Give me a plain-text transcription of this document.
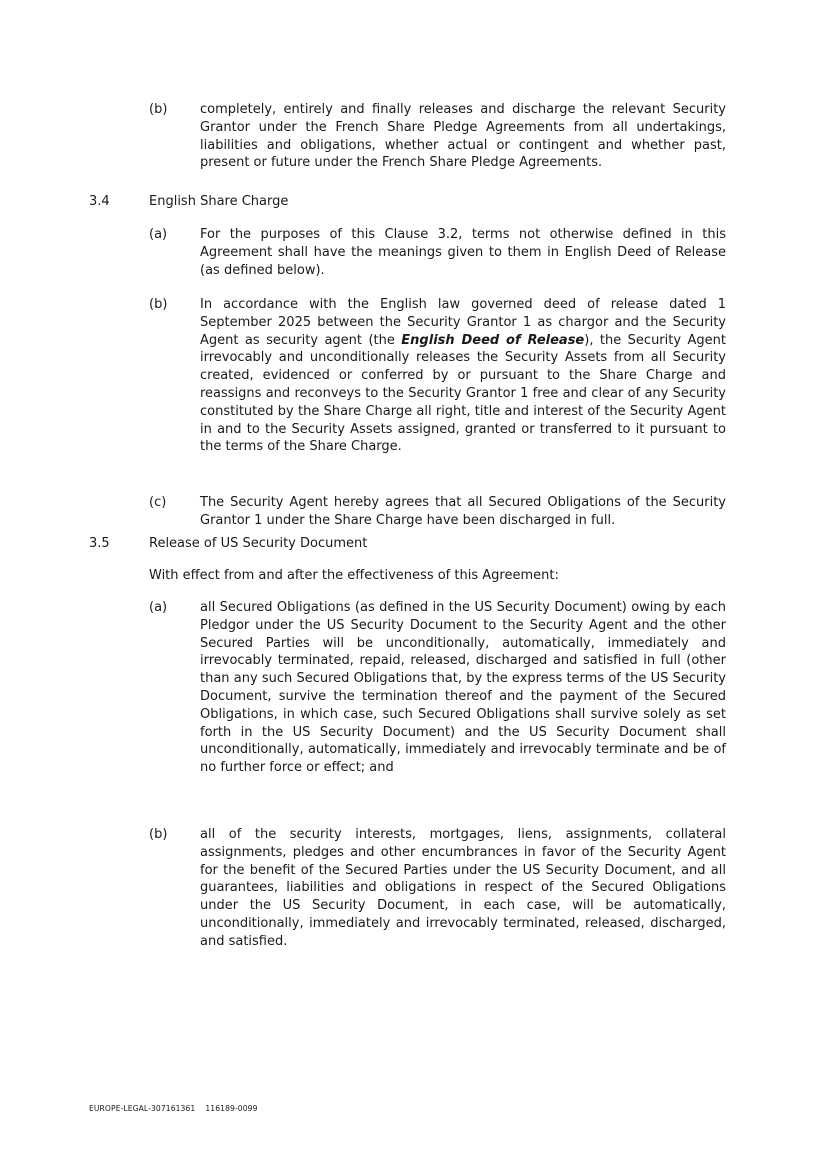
(b)	completely, entirely and finally releases and discharge the relevant Security Grantor under the French Share Pledge Agreements from all undertakings, liabilities and obligations, whether actual or contingent and whether past, present or future under the French Share Pledge Agreements.
3.4	English Share Charge
(a)	For the purposes of this Clause 3.2, terms not otherwise defined in this Agreement shall have the meanings given to them in English Deed of Release (as defined below).
(b)	In accordance with the English law governed deed of release dated 1 September 2025 between the Security Grantor 1 as chargor and the Security Agent as security agent (the English Deed of Release), the Security Agent irrevocably and unconditionally releases the Security Assets from all Security created, evidenced or conferred by or pursuant to the Share Charge and reassigns and reconveys to the Security Grantor 1 free and clear of any Security constituted by the Share Charge all right, title and interest of the Security Agent in and to the Security Assets assigned, granted or transferred to it pursuant to the terms of the Share Charge.
(c)	The Security Agent hereby agrees that all Secured Obligations of the Security Grantor 1 under the Share Charge have been discharged in full.
3.5	Release of US Security Document
With effect from and after the effectiveness of this Agreement:
(a)	all Secured Obligations (as defined in the US Security Document) owing by each Pledgor under the US Security Document to the Security Agent and the other Secured Parties will be unconditionally, automatically, immediately and irrevocably terminated, repaid, released, discharged and satisfied in full (other than any such Secured Obligations that, by the express terms of the US Security Document, survive the termination thereof and the payment of the Secured Obligations, in which case, such Secured Obligations shall survive solely as set forth in the US Security Document) and the US Security Document shall unconditionally, automatically, immediately and irrevocably terminate and be of no further force or effect; and
(b)	all of the security interests, mortgages, liens, assignments, collateral assignments, pledges and other encumbrances in favor of the Security Agent for the benefit of the Secured Parties under the US Security Document, and all guarantees, liabilities and obligations in respect of the Secured Obligations under the US Security Document, in each case, will be automatically, unconditionally, immediately and irrevocably terminated, released, discharged, and satisfied.
EUROPE-LEGAL-307161361 116189-0099
